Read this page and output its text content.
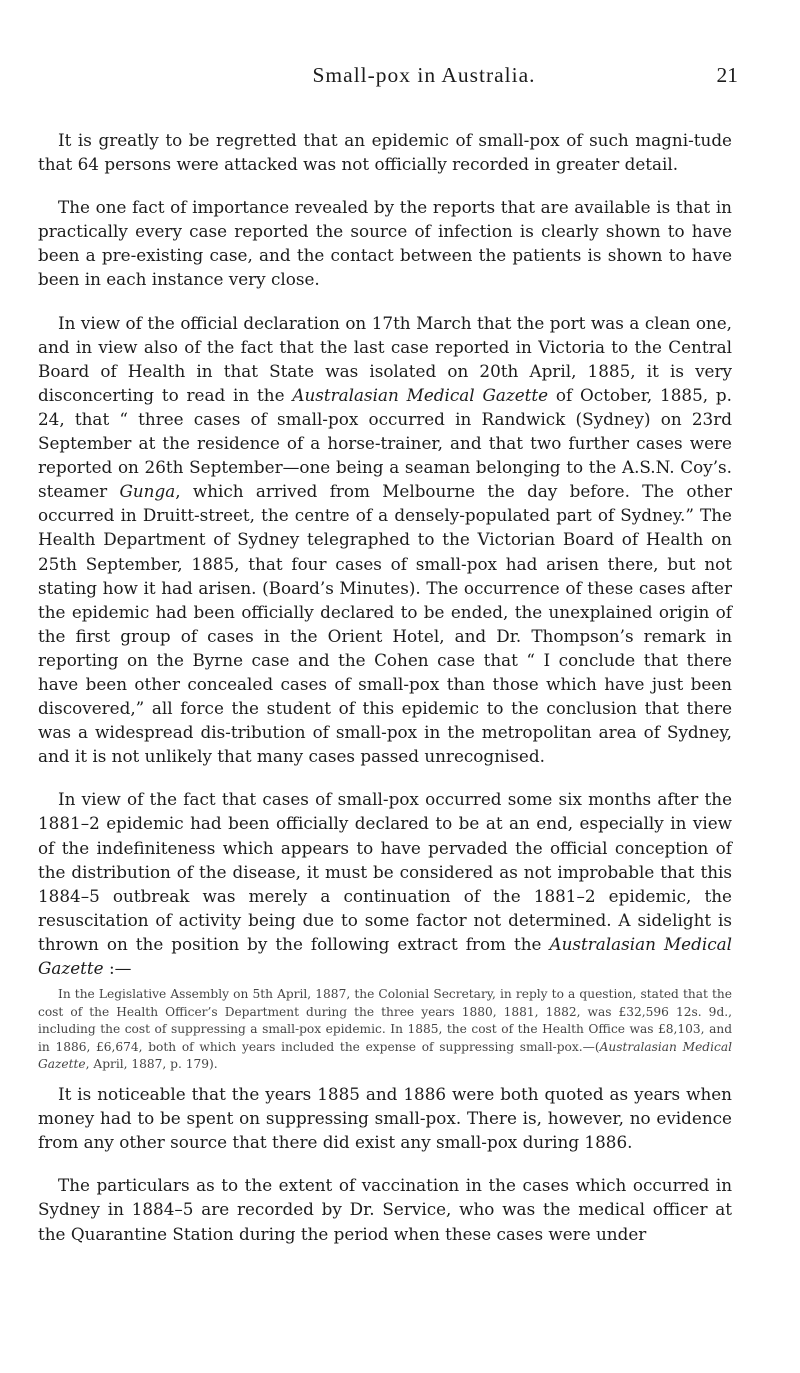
Small-pox in Australia.	21

It is greatly to be regretted that an epidemic of small-pox of such magni-tude that 64 persons were attacked was not officially recorded in greater detail.

The one fact of importance revealed by the reports that are available is that in practically every case reported the source of infection is clearly shown to have been a pre-existing case, and the contact between the patients is shown to have been in each instance very close.

In view of the official declaration on 17th March that the port was a clean one, and in view also of the fact that the last case reported in Victoria to the Central Board of Health in that State was isolated on 20th April, 1885, it is very disconcerting to read in the Australasian Medical Gazette of October, 1885, p. 24, that “ three cases of small-pox occurred in Randwick (Sydney) on 23rd September at the residence of a horse-trainer, and that two further cases were reported on 26th September—one being a seaman belonging to the A.S.N. Coy’s. steamer Gunga, which arrived from Melbourne the day before. The other occurred in Druitt-street, the centre of a densely-populated part of Sydney.” The Health Department of Sydney telegraphed to the Victorian Board of Health on 25th September, 1885, that four cases of small-pox had arisen there, but not stating how it had arisen. (Board’s Minutes). The occurrence of these cases after the epidemic had been officially declared to be ended, the unexplained origin of the first group of cases in the Orient Hotel, and Dr. Thompson’s remark in reporting on the Byrne case and the Cohen case that “ I conclude that there have been other concealed cases of small-pox than those which have just been discovered,” all force the student of this epidemic to the conclusion that there was a widespread dis-tribution of small-pox in the metropolitan area of Sydney, and it is not unlikely that many cases passed unrecognised.

In view of the fact that cases of small-pox occurred some six months after the 1881–2 epidemic had been officially declared to be at an end, especially in view of the indefiniteness which appears to have pervaded the official conception of the distribution of the disease, it must be considered as not improbable that this 1884–5 outbreak was merely a continuation of the 1881–2 epidemic, the resuscitation of activity being due to some factor not determined. A sidelight is thrown on the position by the following extract from the Australasian Medical Gazette :—

In the Legislative Assembly on 5th April, 1887, the Colonial Secretary, in reply to a question, stated that the cost of the Health Officer’s Department during the three years 1880, 1881, 1882, was £32,596 12s. 9d., including the cost of suppressing a small-pox epidemic. In 1885, the cost of the Health Office was £8,103, and in 1886, £6,674, both of which years included the expense of suppressing small-pox.—(Australasian Medical Gazette, April, 1887, p. 179).

It is noticeable that the years 1885 and 1886 were both quoted as years when money had to be spent on suppressing small-pox. There is, however, no evidence from any other source that there did exist any small-pox during 1886.

The particulars as to the extent of vaccination in the cases which occurred in Sydney in 1884–5 are recorded by Dr. Service, who was the medical officer at the Quarantine Station during the period when these cases were under
